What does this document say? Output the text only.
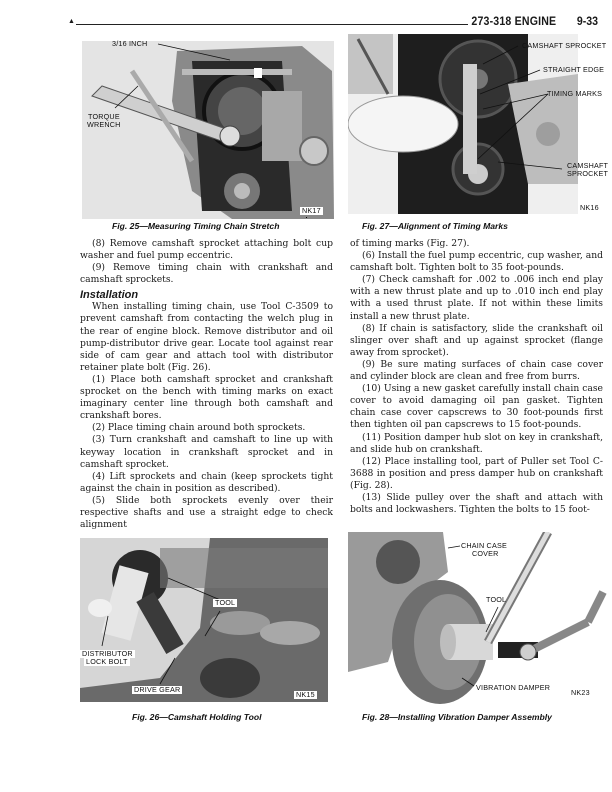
▲	273-318 ENGINE 9-33
NK17
3/16 INCH
TORQUE
WRENCH
Fig. 25—Measuring Timing Chain Stretch
CAMSHAFT SPROCKET
STRAIGHT EDGE
TIMING MARKS
CAMSHAFT
SPROCKET
NK16
Fig. 27—Alignment of Timing Marks

(8) Remove camshaft sprocket attaching bolt cup washer and fuel pump eccentric.

(9) Remove timing chain with crankshaft and camshaft sprockets.

Installation

When installing timing chain, use Tool C-3509 to prevent camshaft from contacting the welch plug in the rear of engine block. Remove distributor and oil pump-distributor drive gear. Locate tool against rear side of cam gear and attach tool with distributor retainer plate bolt (Fig. 26).

(1) Place both camshaft sprocket and crankshaft sprocket on the bench with timing marks on exact imaginary center line through both camshaft and crankshaft bores.

(2) Place timing chain around both sprockets.

(3) Turn crankshaft and camshaft to line up with keyway location in crankshaft sprocket and in camshaft sprocket.

(4) Lift sprockets and chain (keep sprockets tight against the chain in position as described).

(5) Slide both sprockets evenly over their respective shafts and use a straight edge to check alignment

of timing marks (Fig. 27).

(6) Install the fuel pump eccentric, cup washer, and camshaft bolt. Tighten bolt to 35 foot-pounds.

(7) Check camshaft for .002 to .006 inch end play with a new thrust plate and up to .010 inch end play with a used thrust plate. If not within these limits install a new thrust plate.

(8) If chain is satisfactory, slide the crankshaft oil slinger over shaft and up against sprocket (flange away from sprocket).

(9) Be sure mating surfaces of chain case cover and cylinder block are clean and free from burrs.

(10) Using a new gasket carefully install chain case cover to avoid damaging oil pan gasket. Tighten chain case cover capscrews to 30 foot-pounds first then tighten oil pan capscrews to 15 foot-pounds.

(11) Position damper hub slot on key in crankshaft, and slide hub on crankshaft.

(12) Place installing tool, part of Puller set Tool C-3688 in position and press damper hub on crankshaft (Fig. 28).

(13) Slide pulley over the shaft and attach with bolts and lockwashers. Tighten the bolts to 15 foot-

TOOL
DISTRIBUTOR
LOCK BOLT
DRIVE GEAR
NK15
Fig. 26—Camshaft Holding Tool
CHAIN CASE
COVER
TOOL
VIBRATION DAMPER
NK23
Fig. 28—Installing Vibration Damper Assembly
